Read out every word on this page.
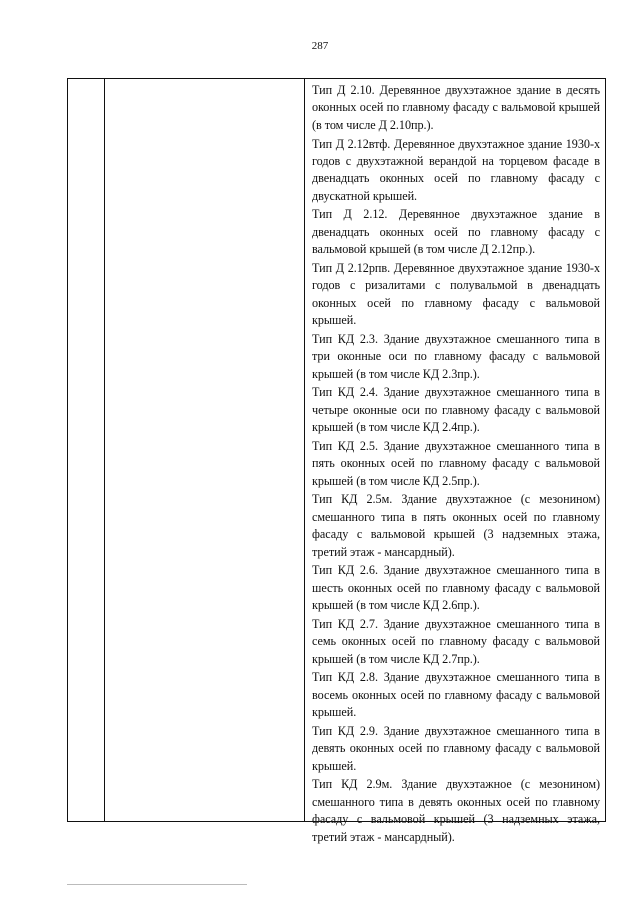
287
Тип Д 2.10. Деревянное двухэтажное здание в десять оконных осей по главному фасаду с вальмовой крышей (в том числе Д 2.10пр.).
Тип Д 2.12втф. Деревянное двухэтажное здание 1930-х годов с двухэтажной верандой на торцевом фасаде в двенадцать оконных осей по главному фасаду с двускатной крышей.
Тип Д 2.12. Деревянное двухэтажное здание в двенадцать оконных осей по главному фасаду с вальмовой крышей (в том числе Д 2.12пр.).
Тип Д 2.12рпв. Деревянное двухэтажное здание 1930-х годов с ризалитами с полувальмой в двенадцать оконных осей по главному фасаду с вальмовой крышей.
Тип КД 2.3. Здание двухэтажное смешанного типа в три оконные оси по главному фасаду с вальмовой крышей (в том числе КД 2.3пр.).
Тип КД 2.4. Здание двухэтажное смешанного типа в четыре оконные оси по главному фасаду с вальмовой крышей (в том числе КД 2.4пр.).
Тип КД 2.5. Здание двухэтажное смешанного типа в пять оконных осей по главному фасаду с вальмовой крышей (в том числе КД 2.5пр.).
Тип КД 2.5м. Здание двухэтажное (с мезонином) смешанного типа в пять оконных осей по главному фасаду с вальмовой крышей (3 надземных этажа, третий этаж - мансардный).
Тип КД 2.6. Здание двухэтажное смешанного типа в шесть оконных осей по главному фасаду с вальмовой крышей (в том числе КД 2.6пр.).
Тип КД 2.7. Здание двухэтажное смешанного типа в семь оконных осей по главному фасаду с вальмовой крышей (в том числе КД 2.7пр.).
Тип КД 2.8. Здание двухэтажное смешанного типа в восемь оконных осей по главному фасаду с вальмовой крышей.
Тип КД 2.9. Здание двухэтажное смешанного типа в девять оконных осей по главному фасаду с вальмовой крышей.
Тип КД 2.9м. Здание двухэтажное (с мезонином) смешанного типа в девять оконных осей по главному фасаду с вальмовой крышей (3 надземных этажа, третий этаж - мансардный).
